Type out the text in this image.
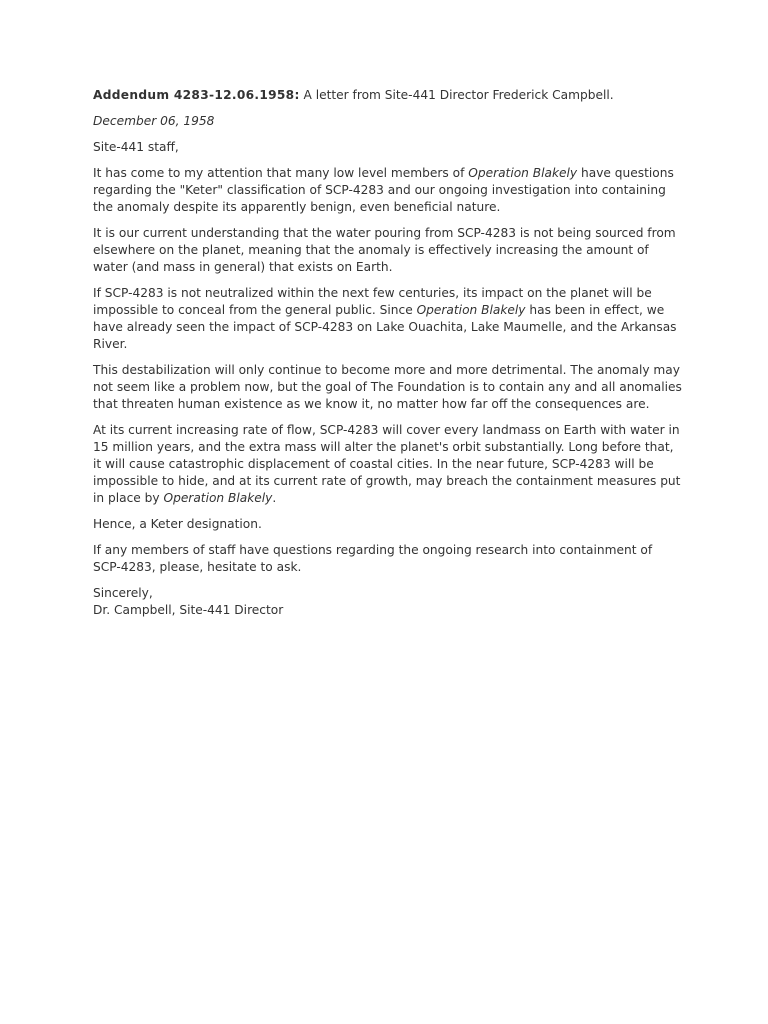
Addendum 4283-12.06.1958: A letter from Site-441 Director Frederick Campbell.

December 06, 1958

Site-441 staff,

It has come to my attention that many low level members of Operation Blakely have questions regarding the "Keter" classification of SCP-4283 and our ongoing investigation into containing the anomaly despite its apparently benign, even beneficial nature.

It is our current understanding that the water pouring from SCP-4283 is not being sourced from elsewhere on the planet, meaning that the anomaly is effectively increasing the amount of water (and mass in general) that exists on Earth.

If SCP-4283 is not neutralized within the next few centuries, its impact on the planet will be impossible to conceal from the general public. Since Operation Blakely has been in effect, we have already seen the impact of SCP-4283 on Lake Ouachita, Lake Maumelle, and the Arkansas River.

This destabilization will only continue to become more and more detrimental. The anomaly may not seem like a problem now, but the goal of The Foundation is to contain any and all anomalies that threaten human existence as we know it, no matter how far off the consequences are.

At its current increasing rate of flow, SCP-4283 will cover every landmass on Earth with water in 15 million years, and the extra mass will alter the planet's orbit substantially. Long before that, it will cause catastrophic displacement of coastal cities. In the near future, SCP-4283 will be impossible to hide, and at its current rate of growth, may breach the containment measures put in place by Operation Blakely.

Hence, a Keter designation.

If any members of staff have questions regarding the ongoing research into containment of SCP-4283, please, hesitate to ask.

Sincerely,

Dr. Campbell, Site-441 Director
